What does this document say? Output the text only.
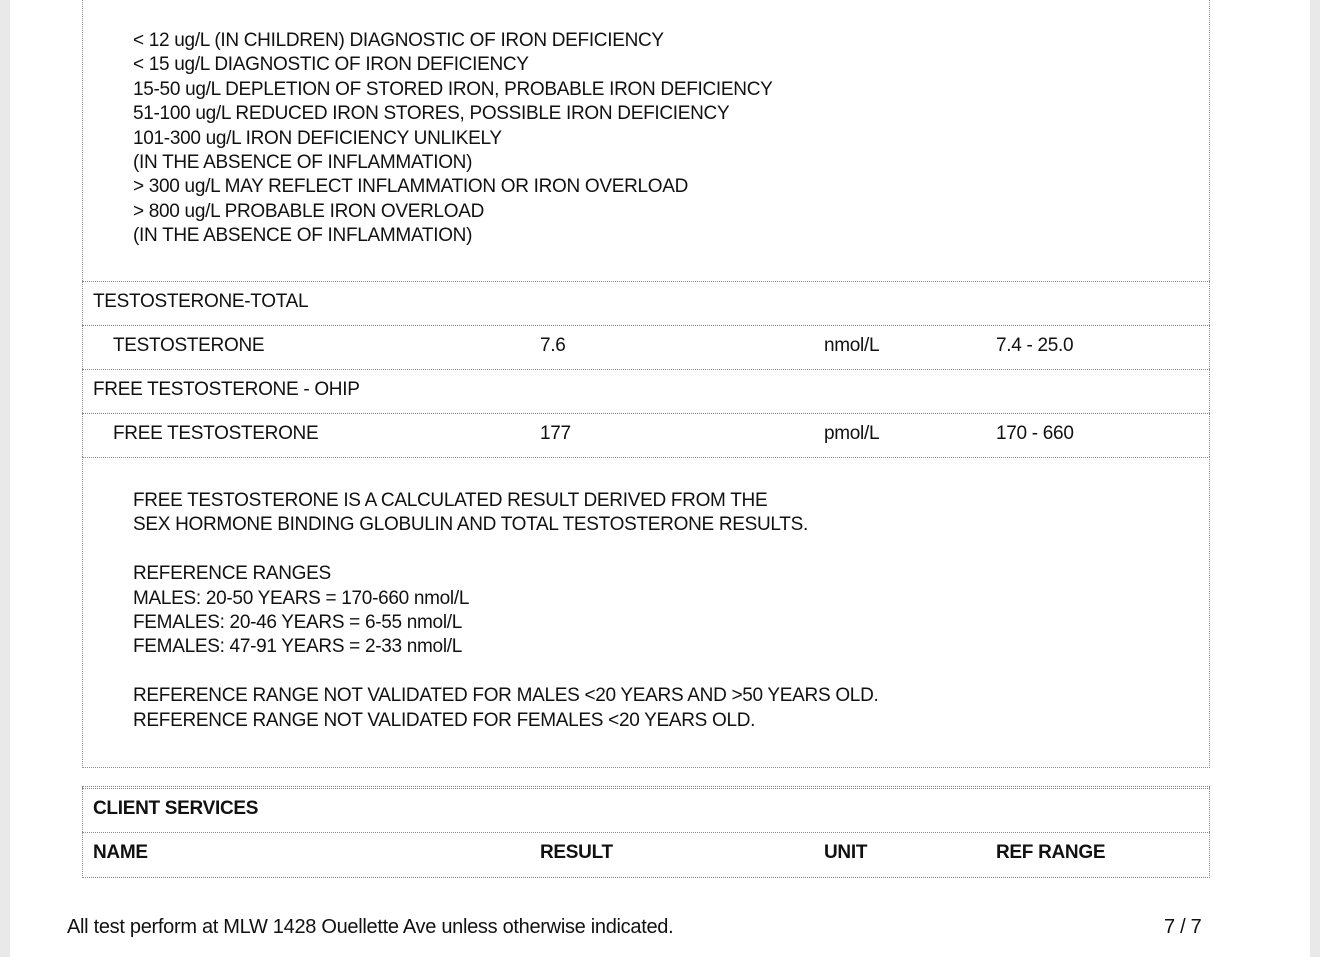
< 12 ug/L (IN CHILDREN) DIAGNOSTIC OF IRON DEFICIENCY
< 15 ug/L DIAGNOSTIC OF IRON DEFICIENCY
15-50 ug/L DEPLETION OF STORED IRON, PROBABLE IRON DEFICIENCY
51-100 ug/L REDUCED IRON STORES, POSSIBLE IRON DEFICIENCY
101-300 ug/L IRON DEFICIENCY UNLIKELY
(IN THE ABSENCE OF INFLAMMATION)
> 300 ug/L MAY REFLECT INFLAMMATION OR IRON OVERLOAD
> 800 ug/L PROBABLE IRON OVERLOAD
(IN THE ABSENCE OF INFLAMMATION)
TESTOSTERONE-TOTAL
TESTOSTERONE	7.6	nmol/L	7.4 - 25.0
FREE TESTOSTERONE - OHIP
FREE TESTOSTERONE	177	pmol/L	170 - 660
FREE TESTOSTERONE IS A CALCULATED RESULT DERIVED FROM THE
SEX HORMONE BINDING GLOBULIN AND TOTAL TESTOSTERONE RESULTS.
REFERENCE RANGES
MALES: 20-50 YEARS = 170-660 nmol/L
FEMALES: 20-46 YEARS = 6-55 nmol/L
FEMALES: 47-91 YEARS = 2-33 nmol/L
REFERENCE RANGE NOT VALIDATED FOR MALES <20 YEARS AND >50 YEARS OLD.
REFERENCE RANGE NOT VALIDATED FOR FEMALES <20 YEARS OLD.
CLIENT SERVICES
NAME	RESULT	UNIT	REF RANGE
All test perform at MLW 1428 Ouellette Ave unless otherwise indicated.	7 / 7
